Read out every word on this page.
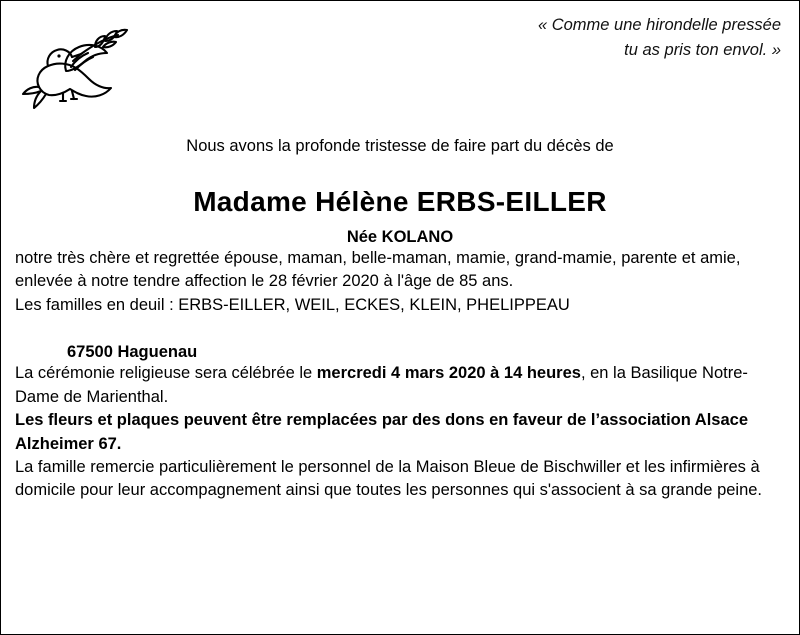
« Comme une hirondelle pressée
tu as pris ton envol. »
Nous avons la profonde tristesse de faire part du décès de
Madame Hélène ERBS-EILLER
Née KOLANO

notre très chère et regrettée épouse, maman, belle-maman, mamie, grand-mamie, parente et amie, enlevée à notre tendre affection le 28 février 2020 à l'âge de 85 ans.

Les familles en deuil : ERBS-EILLER, WEIL, ECKES, KLEIN, PHELIPPEAU

67500 Haguenau

La cérémonie religieuse sera célébrée le mercredi 4 mars 2020 à 14 heures, en la Basilique Notre-Dame de Marienthal.

Les fleurs et plaques peuvent être remplacées par des dons en faveur de l’association Alsace Alzheimer 67.

La famille remercie particulièrement le personnel de la Maison Bleue de Bischwiller et les infirmières à domicile pour leur accompagnement ainsi que toutes les personnes qui s'associent à sa grande peine.
